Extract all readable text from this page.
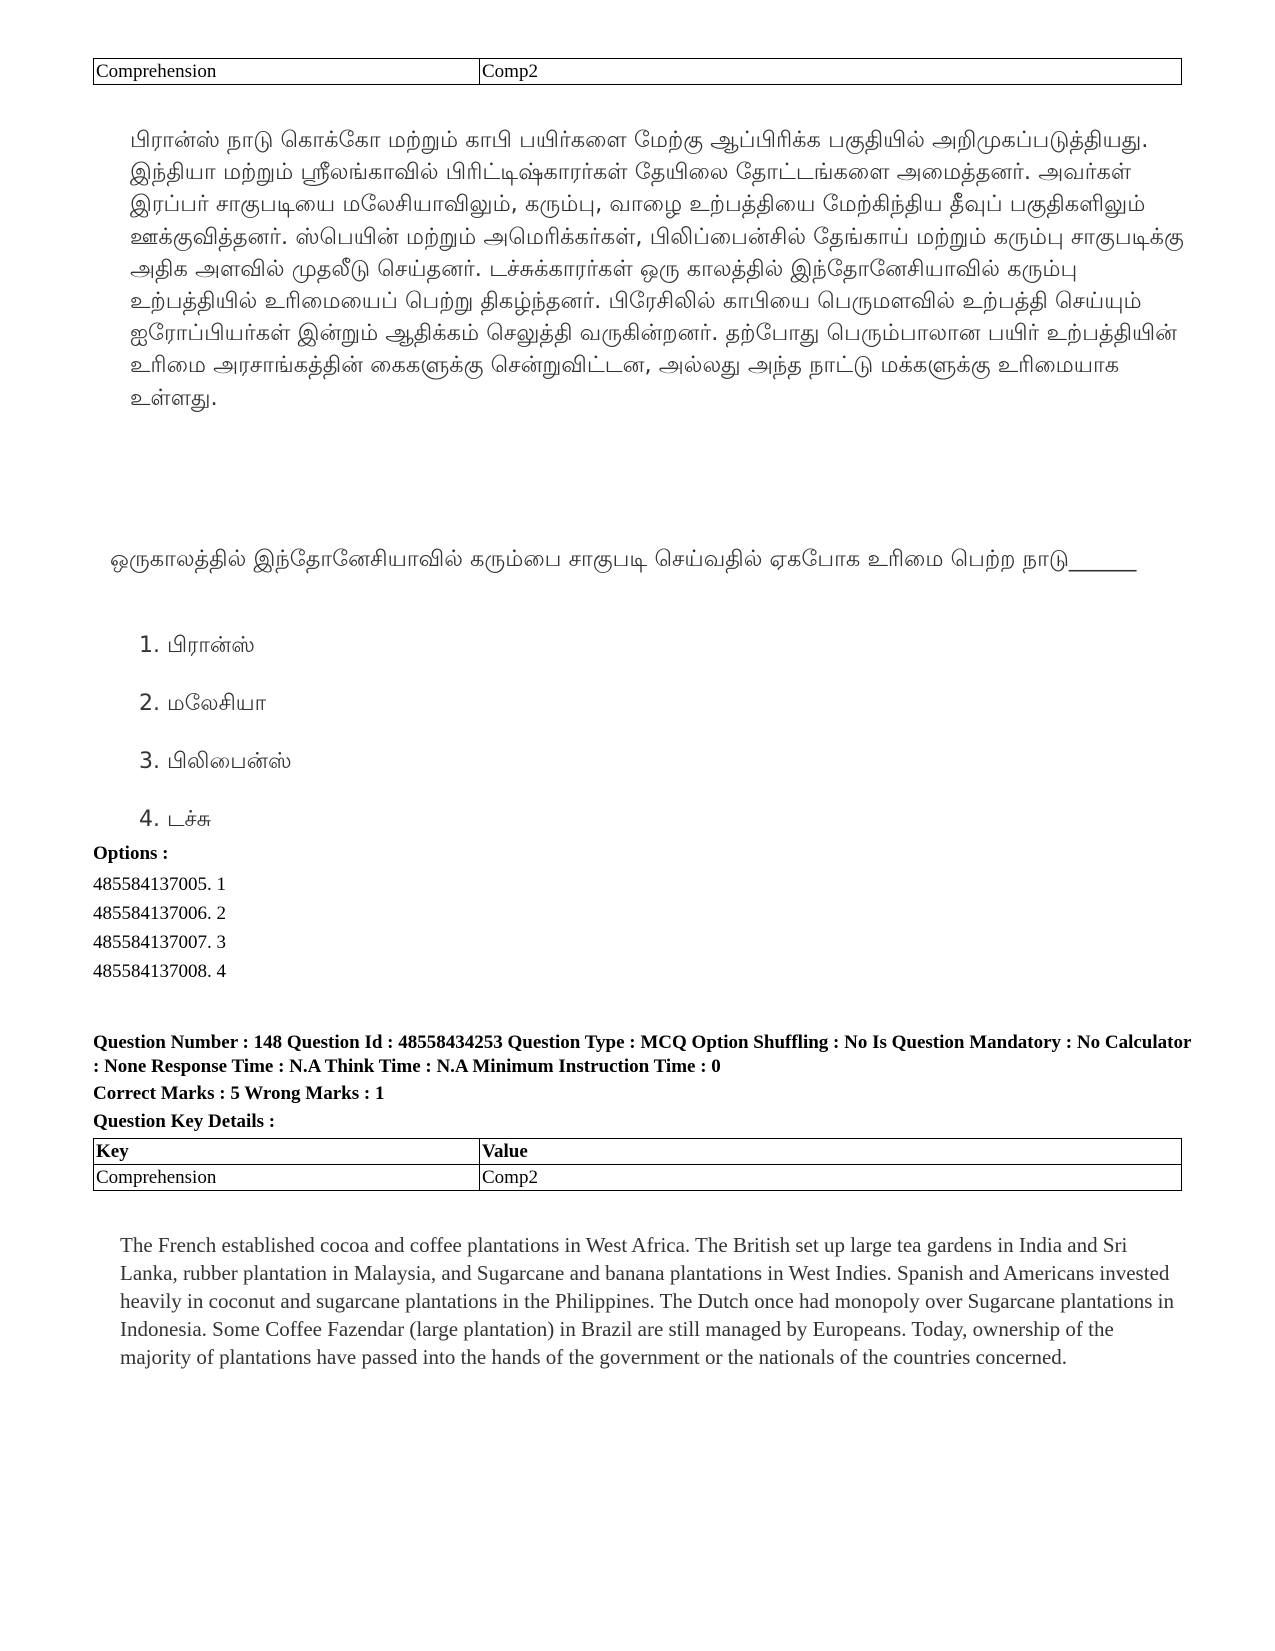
Comprehension	Comp2

பிரான்ஸ் நாடு கொக்கோ மற்றும் காபி பயிர்களை மேற்கு ஆப்பிரிக்க பகுதியில் அறிமுகப்படுத்தியது. இந்தியா மற்றும் ஸ்ரீலங்காவில் பிரிட்டிஷ்காரர்கள் தேயிலை தோட்டங்களை அமைத்தனர். அவர்கள் இரப்பர் சாகுபடியை மலேசியாவிலும், கரும்பு, வாழை உற்பத்தியை மேற்கிந்திய தீவுப் பகுதிகளிலும் ஊக்குவித்தனர். ஸ்பெயின் மற்றும் அமெரிக்கர்கள், பிலிப்பைன்சில் தேங்காய் மற்றும் கரும்பு சாகுபடிக்கு அதிக அளவில் முதலீடு செய்தனர். டச்சுக்காரர்கள் ஒரு காலத்தில் இந்தோனேசியாவில் கரும்பு உற்பத்தியில் உரிமையைப் பெற்று திகழ்ந்தனர். பிரேசிலில் காபியை பெருமளவில் உற்பத்தி செய்யும் ஐரோப்பியர்கள் இன்றும் ஆதிக்கம் செலுத்தி வருகின்றனர். தற்போது பெரும்பாலான பயிர் உற்பத்தியின் உரிமை அரசாங்கத்தின் கைகளுக்கு சென்றுவிட்டன, அல்லது அந்த நாட்டு மக்களுக்கு உரிமையாக உள்ளது.

ஒருகாலத்தில் இந்தோனேசியாவில் கரும்பை சாகுபடி செய்வதில் ஏகபோக உரிமை பெற்ற நாடு______
1. பிரான்ஸ்
2. மலேசியா
3. பிலிபைன்ஸ்
4. டச்சு
Options :
485584137005. 1
485584137006. 2
485584137007. 3
485584137008. 4
Question Number : 148 Question Id : 48558434253 Question Type : MCQ Option Shuffling : No Is Question Mandatory : No Calculator : None Response Time : N.A Think Time : N.A Minimum Instruction Time : 0
Correct Marks : 5 Wrong Marks : 1
Question Key Details :
Key	Value
Comprehension	Comp2
The French established cocoa and coffee plantations in West Africa. The British set up large tea gardens in India and Sri Lanka, rubber plantation in Malaysia, and Sugarcane and banana plantations in West Indies. Spanish and Americans invested heavily in coconut and sugarcane plantations in the Philippines. The Dutch once had monopoly over Sugarcane plantations in Indonesia. Some Coffee Fazendar (large plantation) in Brazil are still managed by Europeans. Today, ownership of the majority of plantations have passed into the hands of the government or the nationals of the countries concerned.
